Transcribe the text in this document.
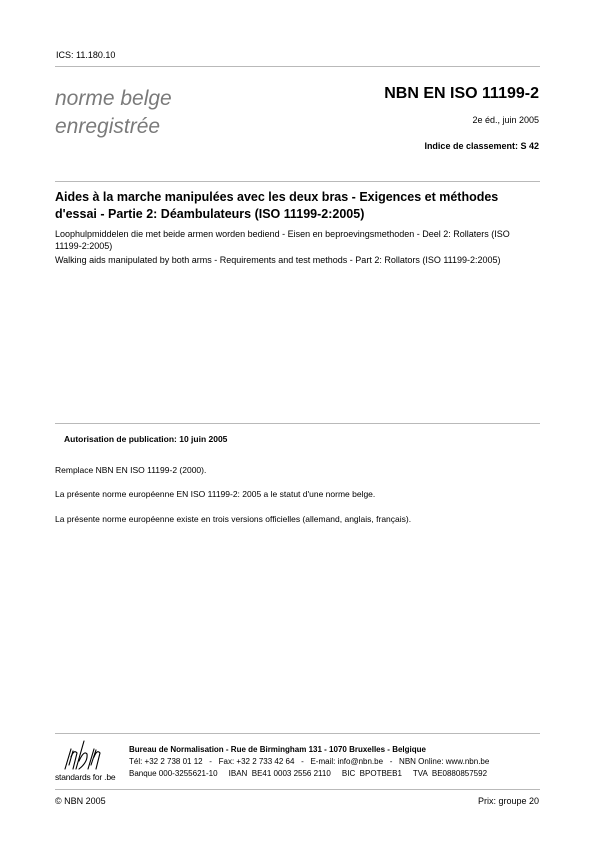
ICS: 11.180.10
norme belge
enregistrée
NBN EN ISO 11199-2
2e éd., juin 2005
Indice de classement: S 42
Aides à la marche manipulées avec les deux bras - Exigences et méthodes d'essai - Partie 2: Déambulateurs (ISO 11199-2:2005)
Loophulpmiddelen die met beide armen worden bediend - Eisen en beproevingsmethoden - Deel 2: Rollaters (ISO 11199-2:2005)
Walking aids manipulated by both arms - Requirements and test methods - Part 2: Rollators (ISO 11199-2:2005)
Autorisation de publication: 10 juin 2005
Remplace NBN EN ISO 11199-2 (2000).
La présente norme européenne EN ISO 11199-2: 2005 a le statut d'une norme belge.
La présente norme européenne existe en trois versions officielles (allemand, anglais, français).
standards for .be
Bureau de Normalisation - Rue de Birmingham 131 - 1070 Bruxelles - Belgique
Tél: +32 2 738 01 12   -   Fax: +32 2 733 42 64   -   E-mail: info@nbn.be   -   NBN Online: www.nbn.be
Banque 000-3255621-10     IBAN  BE41 0003 2556 2110     BIC  BPOTBEB1     TVA  BE0880857592
© NBN 2005	Prix: groupe 20
